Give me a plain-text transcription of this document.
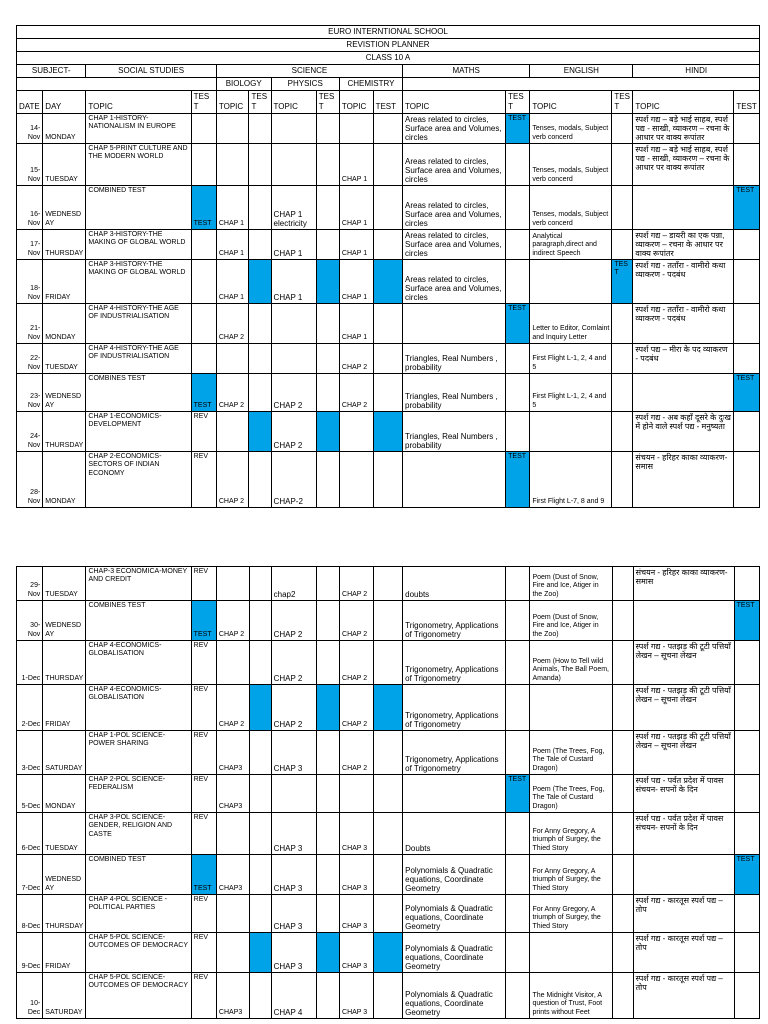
EURO INTERNTIONAL SCHOOL															
REVISTION PLANNER															
CLASS 10 A															
SUBJECT-		SOCIAL STUDIES		SCIENCE						MATHS		ENGLISH		HINDI	
				BIOLOGY		PHYSICS		CHEMISTRY							
DATE	DAY	TOPIC	TEST	TOPIC	TEST	TOPIC	TEST	TOPIC	TEST	TOPIC	TEST	TOPIC	TEST	TOPIC	TEST
14-Nov	MONDAY	CHAP 1-HISTORY-NATIONALISM IN EUROPE								Areas related to circles, Surface area and Volumes, circles	TEST	Tenses, modals, Subject verb concerd		स्पर्श गद्य – बड़े भाई साहब, स्पर्श पद्य - साखी, व्याकरण – रचना के आधार पर वाक्य रूपांतर	
15-Nov	TUESDAY	CHAP 5-PRINT CULTURE AND THE MODERN WORLD						CHAP 1		Areas related to circles, Surface area and Volumes, circles		Tenses, modals, Subject verb concerd		स्पर्श गद्य – बड़े भाई साहब, स्पर्श पद्य - साखी, व्याकरण – रचना के आधार पर वाक्य रूपांतर	
16-Nov	WEDNESDAY	COMBINED TEST	TEST	CHAP 1		CHAP 1 electricity		CHAP 1		Areas related to circles, Surface area and Volumes, circles		Tenses, modals, Subject verb concerd			TEST
17-Nov	THURSDAY	CHAP 3-HISTORY-THE MAKING OF GLOBAL WORLD		CHAP 1		CHAP 1		CHAP 1		Areas related to circles, Surface area and Volumes, circles		Analytical paragraph,direct and indirect Speech		स्पर्श गद्य – डायरी का एक पन्ना, व्याकरण – रचना के आधार पर वाक्य रूपांतर	
18-Nov	FRIDAY	CHAP 3-HISTORY-THE MAKING OF GLOBAL WORLD		CHAP 1		CHAP 1		CHAP 1		Areas related to circles, Surface area and Volumes, circles			TEST	स्पर्श गद्य - तताँरा - वामीरो कथा व्याकरण - पदबंध	
21-Nov	MONDAY	CHAP 4-HISTORY-THE AGE OF INDUSTRIALISATION		CHAP 2				CHAP 1			TEST	Letter to Editor, Comlaint and Inquiry Letter		स्पर्श गद्य - तताँरा - वामीरो कथा व्याकरण - पदबंध	
22-Nov	TUESDAY	CHAP 4-HISTORY-THE AGE OF INDUSTRIALISATION						CHAP 2		Triangles, Real Numbers , probability		First Flight L-1, 2, 4 and 5		स्पर्श पद्य – मीरा के पद व्याकरण - पदबंध	
23-Nov	WEDNESDAY	COMBINES TEST	TEST	CHAP 2		CHAP 2		CHAP 2		Triangles, Real Numbers , probability		First Flight L-1, 2, 4 and 5			TEST
24-Nov	THURSDAY	CHAP 1-ECONOMICS-DEVELOPMENT	REV			CHAP 2				Triangles, Real Numbers , probability				स्पर्श गद्य - अब कहाँ दूसरे के दुःख में होने वाले स्पर्श पद्य - मनुष्यता	
28-Nov	MONDAY	CHAP 2-ECONOMICS-SECTORS OF INDIAN ECONOMY	REV	CHAP 2		CHAP-2					TEST	First Flight L-7, 8 and 9		संचयन - हरिहर काका व्याकरण- समास	
29-Nov	TUESDAY	CHAP-3 ECONOMICA-MONEY AND CREDIT	REV			chap2		CHAP 2		doubts		Poem (Dust of Snow, Fire and Ice, Atiger in the Zoo)		संचयन - हरिहर काका व्याकरण- समास	
30-Nov	WEDNESDAY	COMBINES TEST	TEST	CHAP 2		CHAP 2		CHAP 2		Trigonometry, Applications of Trigonometry		Poem (Dust of Snow, Fire and Ice, Atiger in the Zoo)			TEST
1-Dec	THURSDAY	CHAP 4-ECONOMICS-GLOBALISATION	REV			CHAP 2		CHAP 2		Trigonometry, Applications of Trigonometry		Poem (How to Tell wild Animals, The Ball Poem, Amanda)		स्पर्श गद्य - पतझड़ की टूटी पत्तियाँ लेखन – सूचना लेखन	
2-Dec	FRIDAY	CHAP 4-ECONOMICS-GLOBALISATION	REV	CHAP 2		CHAP 2		CHAP 2		Trigonometry, Applications of Trigonometry				स्पर्श गद्य - पतझड़ की टूटी पत्तियाँ लेखन – सूचना लेखन	
3-Dec	SATURDAY	CHAP 1-POL SCIENCE-POWER SHARING	REV	CHAP3		CHAP 3		CHAP 2		Trigonometry, Applications of Trigonometry		Poem (The Trees, Fog, The Tale of Custard Dragon)		स्पर्श गद्य - पतझड़ की टूटी पत्तियाँ लेखन – सूचना लेखन	
5-Dec	MONDAY	CHAP 2-POL SCIENCE-FEDERALISM	REV	CHAP3							TEST	Poem (The Trees, Fog, The Tale of Custard Dragon)		स्पर्श पद्य - पर्वत प्रदेश में पावस संचयन- सपनों के दिन	
6-Dec	TUESDAY	CHAP 3-POL SCIENCE-GENDER, RELIGION AND CASTE	REV			CHAP 3		CHAP 3		Doubts		For Anny Gregory, A triumph of Surgey, the Thied Story		स्पर्श पद्य - पर्वत प्रदेश में पावस संचयन- सपनों के दिन	
7-Dec	WEDNESDAY	COMBINED TEST	TEST	CHAP3		CHAP 3		CHAP 3		Polynomials & Quadratic equations, Coordinate Geometry		For Anny Gregory, A triumph of Surgey, the Thied Story			TEST
8-Dec	THURSDAY	CHAP 4-POL SCIENCE - POLITICAL PARTIES	REV			CHAP 3		CHAP 3		Polynomials & Quadratic equations, Coordinate Geometry		For Anny Gregory, A triumph of Surgey, the Thied Story		स्पर्श गद्य - कारतूस स्पर्श पद्य – तोप	
9-Dec	FRIDAY	CHAP 5-POL SCIENCE-OUTCOMES OF DEMOCRACY	REV			CHAP 3		CHAP 3		Polynomials & Quadratic equations, Coordinate Geometry				स्पर्श गद्य - कारतूस स्पर्श पद्य – तोप	
10-Dec	SATURDAY	CHAP 5-POL SCIENCE-OUTCOMES OF DEMOCRACY	REV	CHAP3		CHAP 4		CHAP 3		Polynomials & Quadratic equations, Coordinate Geometry		The Midnight Visitor, A question of Trust, Foot prints without Feet		स्पर्श गद्य - कारतूस स्पर्श पद्य – तोप	
